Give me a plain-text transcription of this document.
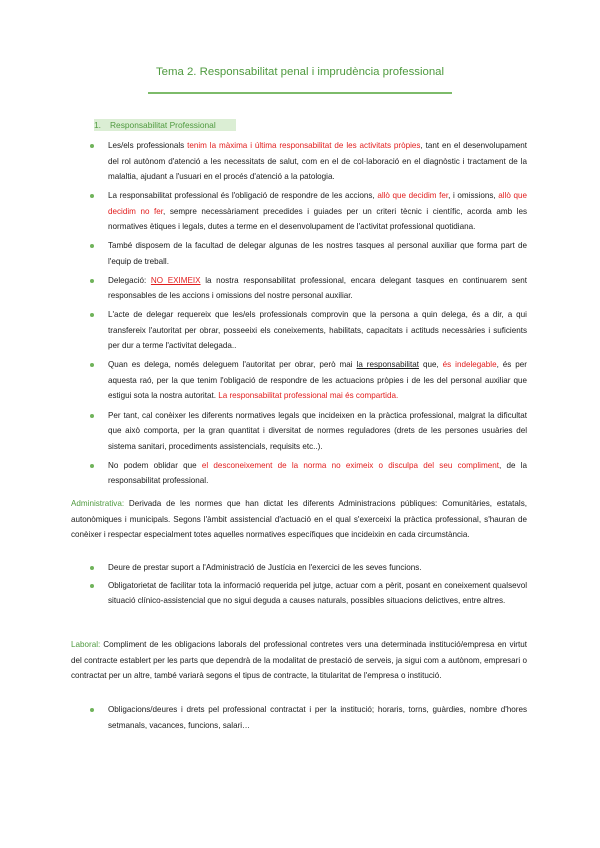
Tema 2. Responsabilitat penal i imprudència professional
1. Responsabilitat Professional
Les/els professionals tenim la màxima i última responsabilitat de les activitats pròpies, tant en el desenvolupament del rol autònom d'atenció a les necessitats de salut, com en el de col·laboració en el diagnòstic i tractament de la malaltia, ajudant a l'usuari en el procés d'atenció a la patologia.
La responsabilitat professional és l'obligació de respondre de les accions, allò que decidim fer, i omissions, allò que decidim no fer, sempre necessàriament precedides i guiades per un criteri tècnic i científic, acorda amb les normatives ètiques i legals, dutes a terme en el desenvolupament de l'activitat professional quotidiana.
També disposem de la facultad de delegar algunas de les nostres tasques al personal auxiliar que forma part de l'equip de treball.
Delegació: NO EXIMEIX la nostra responsabilitat professional, encara delegant tasques en continuarem sent responsables de les accions i omissions del nostre personal auxiliar.
L'acte de delegar requereix que les/els professionals comprovin que la persona a quin delega, és a dir, a qui transfereix l'autoritat per obrar, posseeixi els coneixements, habilitats, capacitats i actituds necessàries i suficients per dur a terme l'activitat delegada..
Quan es delega, només deleguem l'autoritat per obrar, però mai la responsabilitat que, és indelegable, és per aquesta raó, per la que tenim l'obligació de respondre de les actuacions pròpies i de les del personal auxiliar que estigui sota la nostra autoritat. La responsabilitat professional mai és compartida.
Per tant, cal conèixer les diferents normatives legals que incideixen en la pràctica professional, malgrat la dificultat que això comporta, per la gran quantitat i diversitat de normes reguladores (drets de les persones usuàries del sistema sanitari, procediments assistencials, requisits etc..).
No podem oblidar que el desconeixement de la norma no eximeix o disculpa del seu compliment, de la responsabilitat professional.

Administrativa: Derivada de les normes que han dictat les diferents Administracions públiques: Comunitàries, estatals, autonòmiques i municipals. Segons l'àmbit assistencial d'actuació en el qual s'exerceixi la pràctica professional, s'hauran de conèixer i respectar especialment totes aquelles normatives específiques que incideixin en cada circumstància.

Deure de prestar suport a l'Administració de Justícia en l'exercici de les seves funcions.
Obligatorietat de facilitar tota la informació requerida pel jutge, actuar com a pèrit, posant en coneixement qualsevol situació clínico-assistencial que no sigui deguda a causes naturals, possibles situacions delictives, entre altres.

Laboral: Compliment de les obligacions laborals del professional contretes vers una determinada institució/empresa en virtut del contracte establert per les parts que dependrà de la modalitat de prestació de serveis, ja sigui com a autònom, empresari o contractat per un altre, també variarà segons el tipus de contracte, la titularitat de l'empresa o institució.

Obligacions/deures i drets pel professional contractat i per la institució; horaris, torns, guàrdies, nombre d'hores setmanals, vacances, funcions, salari…
